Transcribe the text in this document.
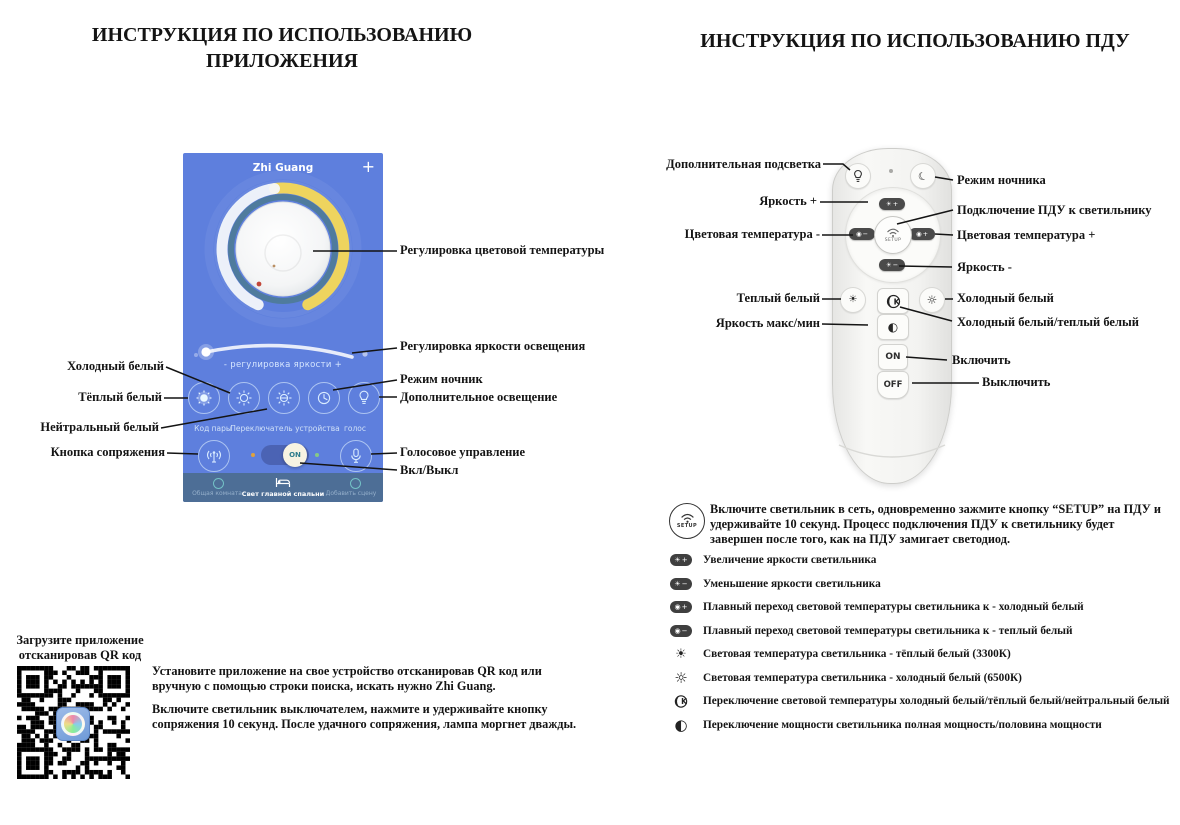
ИНСТРУКЦИЯ ПО ИСПОЛЬЗОВАНИЮ
ПРИЛОЖЕНИЯ
ИНСТРУКЦИЯ ПО ИСПОЛЬЗОВАНИЮ ПДУ
Zhi Guang	+
- регулировка яркости +
Код пары
Переключатель устройства голос
ON
Общая комната Свет главной спальни Добавить сцену
☾
☀ +
◉ −	◉ +
☀ −
SETUP
☀	K ☼
◐
ON
OFF
Холодный белый
Тёплый белый
Нейтральный белый
Кнопка сопряжения
Регулировка цветовой температуры
Регулировка яркости освещения
Режим ночник
Дополнительное освещение
Голосовое управление
Вкл/Выкл
Дополнительная подсветка
Режим ночника
Яркость +
Подключение ПДУ к светильнику
Цветовая температура -	Цветовая температура +
Яркость -
Теплый белый	Холодный белый
Яркость макс/мин	Холодный белый/теплый белый
Включить
Выключить
SETUP
Включите светильник в сеть, одновременно зажмите кнопку “SETUP” на ПДУ и удерживайте 10 секунд. Процесс подключения ПДУ к светильнику будет завершен после того, как на ПДУ замигает светодиод.
☀ + Увеличение яркости светильника
☀ − Уменьшение яркости светильника
◉ + Плавный переход световой температуры светильника к - холодный белый
◉ − Плавный переход световой температуры светильника к - теплый белый
☀ Световая температура светильника - тёплый белый (3300К)
☼ Световая температура светильника - холодный белый (6500К)
K Переключение световой температуры холодный белый/тёплый белый/нейтральный белый
◐ Переключение мощности светильника полная мощность/половина мощности
Загрузите приложение
отсканировав QR код
Установите приложение на свое устройство отсканировав QR код или вручную с помощью строки поиска, искать нужно Zhi Guang.
Включите светильник выключателем, нажмите и удерживайте кнопку сопряжения 10 секунд. После удачного сопряжения, лампа моргнет дважды.
